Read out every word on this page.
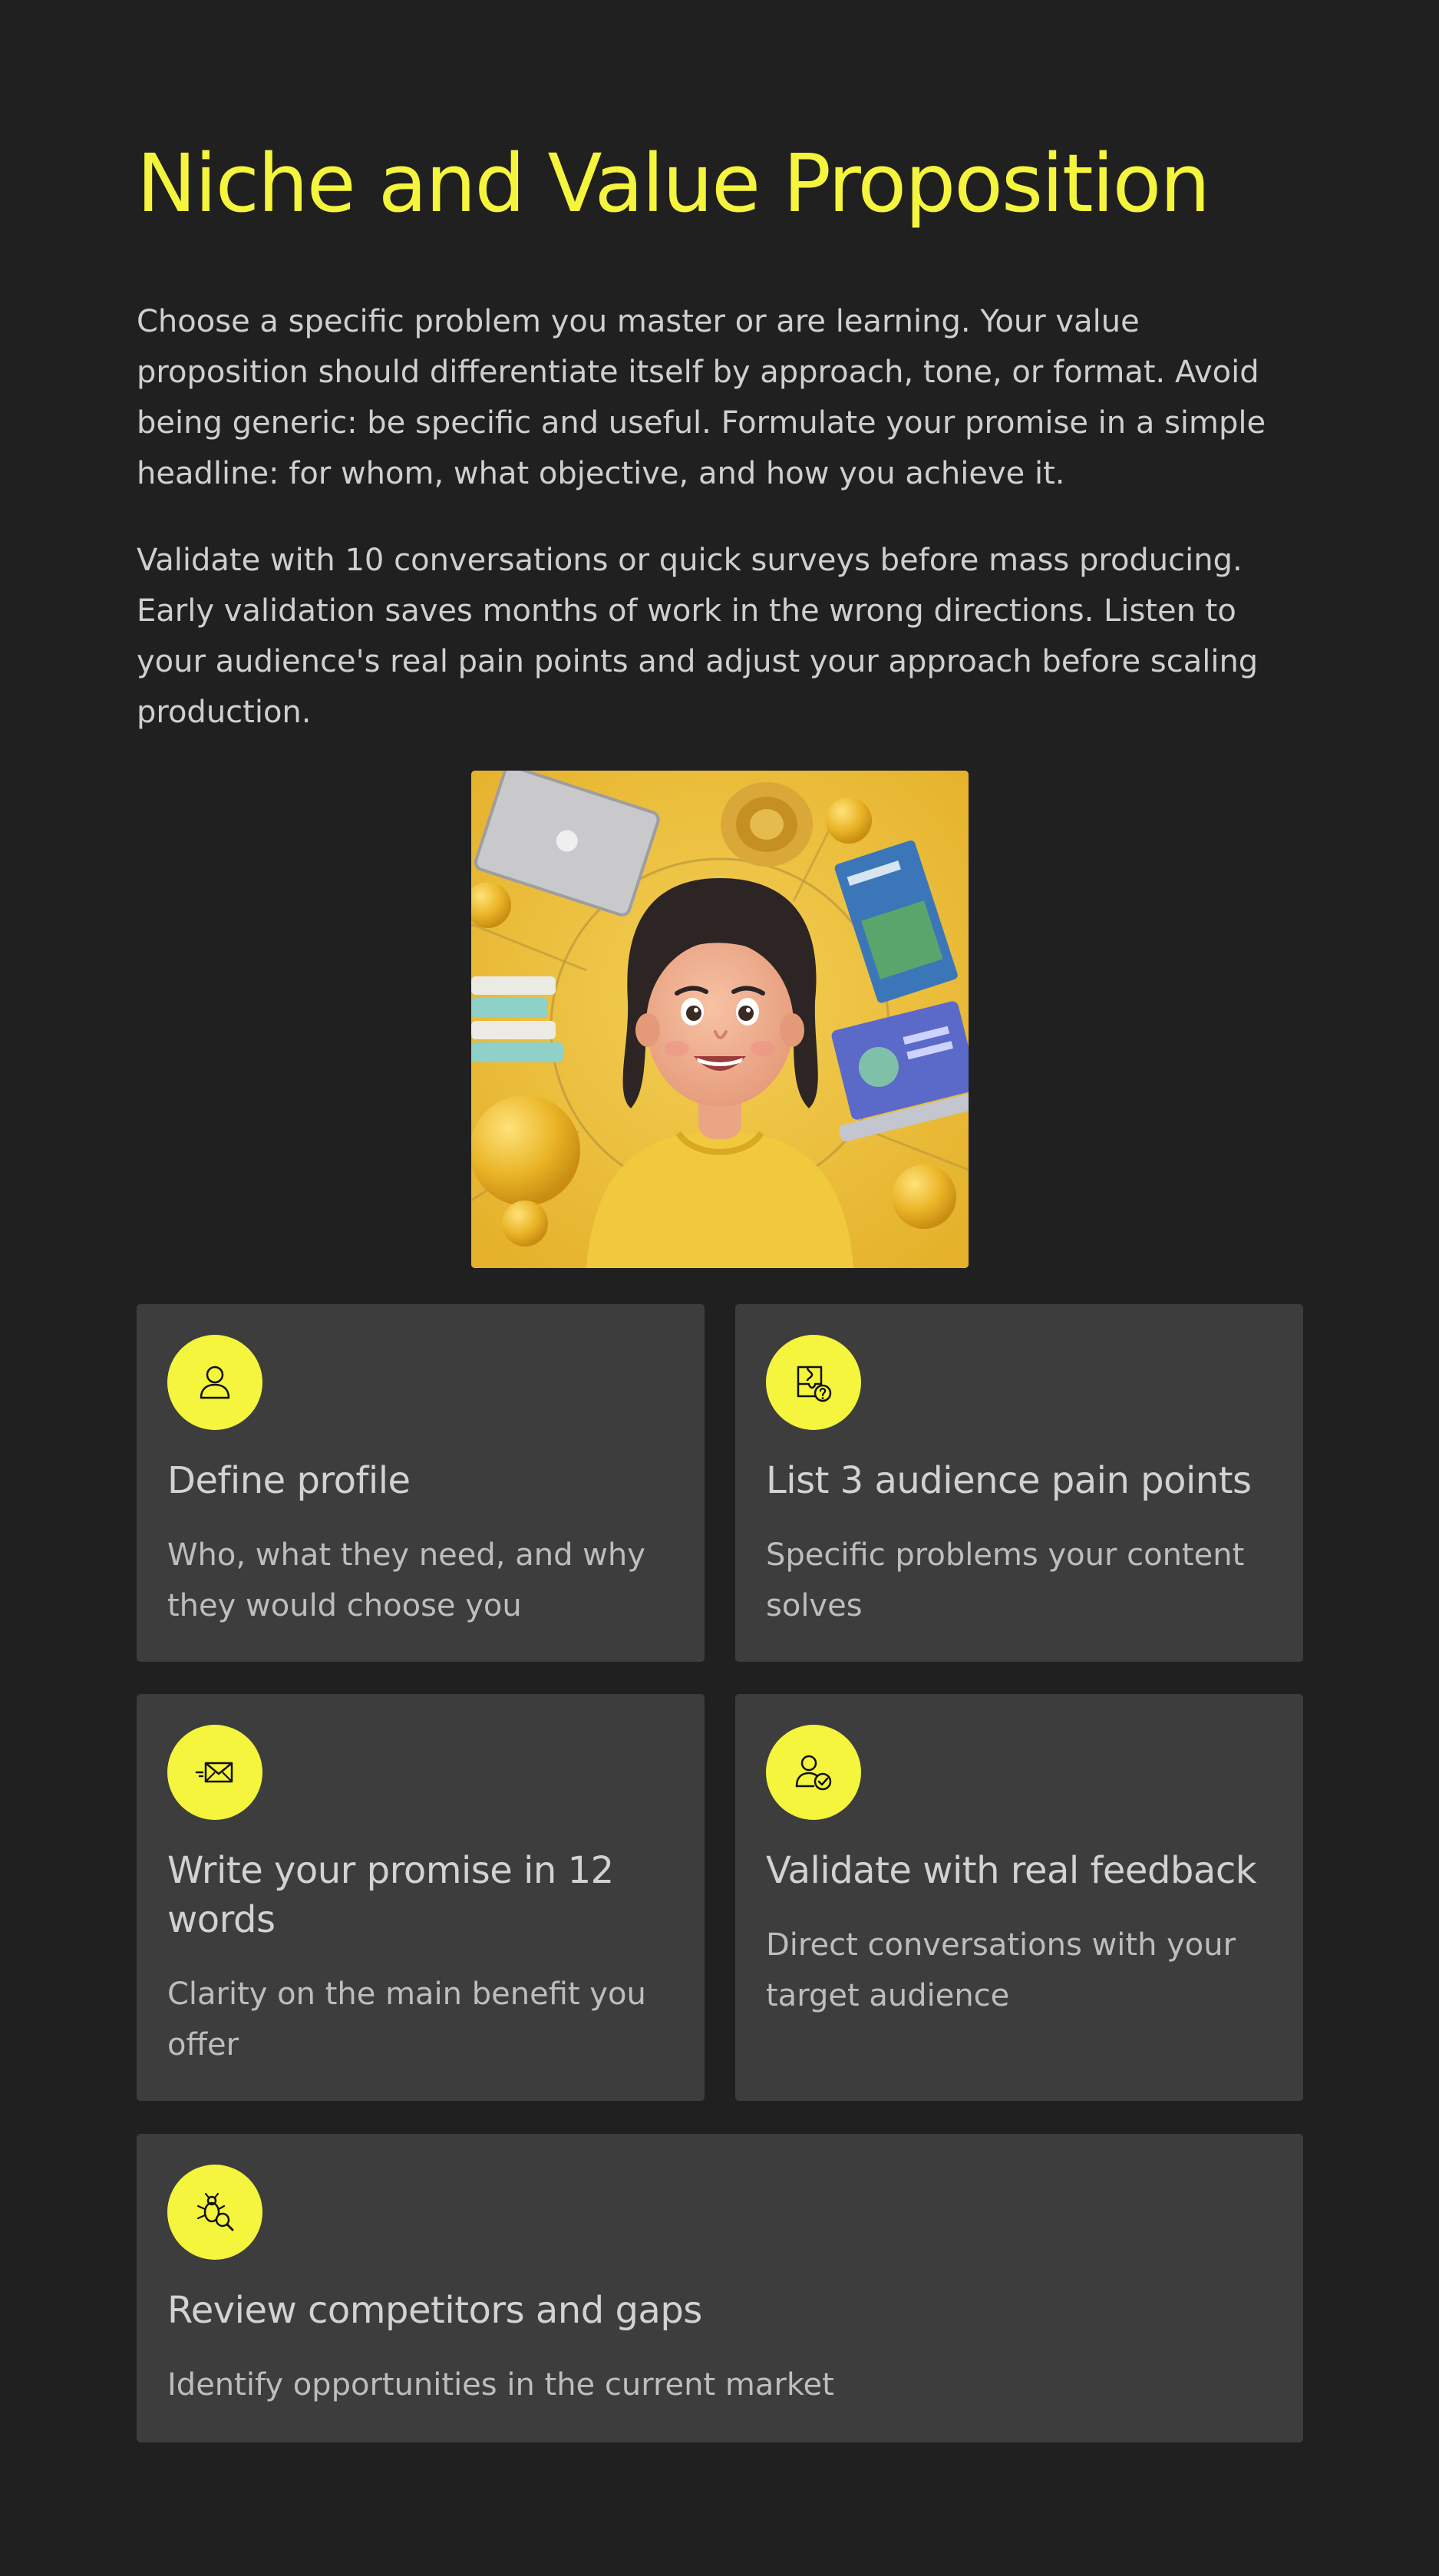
Niche and Value Proposition

Choose a specific problem you master or are learning. Your value proposition should differentiate itself by approach, tone, or format. Avoid being generic: be specific and useful. Formulate your promise in a simple headline: for whom, what objective, and how you achieve it.

Validate with 10 conversations or quick surveys before mass producing. Early validation saves months of work in the wrong directions. Listen to your audience's real pain points and adjust your approach before scaling production.

Define profile

Who, what they need, and why they would choose you

List 3 audience pain points

Specific problems your content solves

Write your promise in 12 words

Clarity on the main benefit you offer

Validate with real feedback

Direct conversations with your target audience

Review competitors and gaps

Identify opportunities in the current market
